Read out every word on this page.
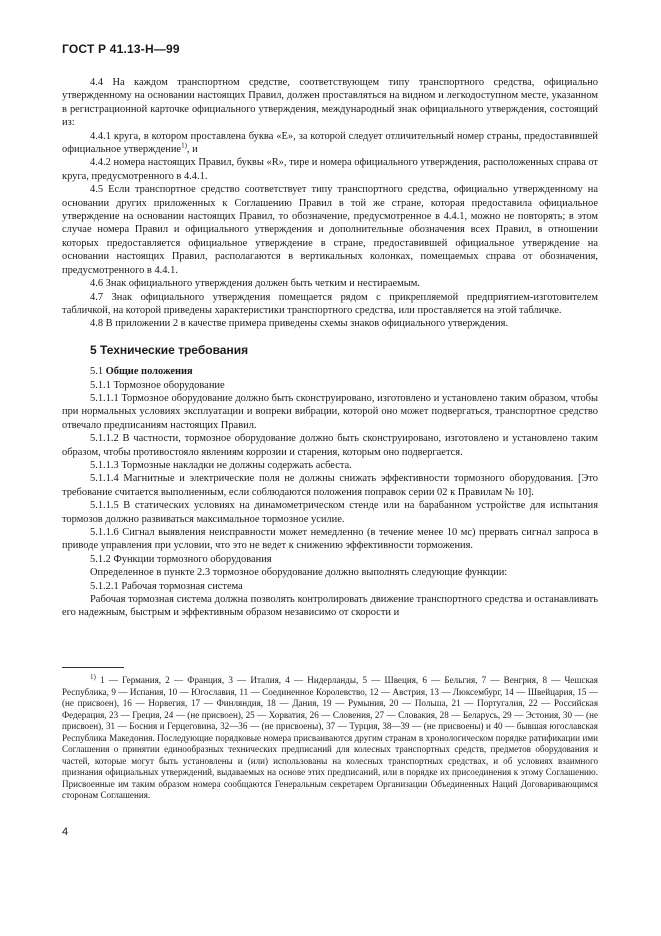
ГОСТ Р 41.13-Н—99

4.4 На каждом транспортном средстве, соответствующем типу транспортного средства, официально утвержденному на основании настоящих Правил, должен проставляться на видном и легкодоступном месте, указанном в регистрационной карточке официального утверждения, международный знак официального утверждения, состоящий из:

4.4.1 круга, в котором проставлена буква «Е», за которой следует отличительный номер страны, предоставившей официальное утверждение$^{1)}$, и

4.4.2 номера настоящих Правил, буквы «R», тире и номера официального утверждения, расположенных справа от круга, предусмотренного в 4.4.1.

4.5 Если транспортное средство соответствует типу транспортного средства, официально утвержденному на основании других приложенных к Соглашению Правил в той же стране, которая предоставила официальное утверждение на основании настоящих Правил, то обозначение, предусмотренное в 4.4.1, можно не повторять; в этом случае номера Правил и официального утверждения и дополнительные обозначения всех Правил, в отношении которых предоставляется официальное утверждение в стране, предоставившей официальное утверждение на основании настоящих Правил, располагаются в вертикальных колонках, помещаемых справа от обозначения, предусмотренного в 4.4.1.

4.6 Знак официального утверждения должен быть четким и нестираемым.

4.7 Знак официального утверждения помещается рядом с прикрепляемой предприятием-изготовителем табличкой, на которой приведены характеристики транспортного средства, или проставляется на этой табличке.

4.8 В приложении 2 в качестве примера приведены схемы знаков официального утверждения.

5 Технические требования

5.1 Общие положения

5.1.1 Тормозное оборудование

5.1.1.1 Тормозное оборудование должно быть сконструировано, изготовлено и установлено таким образом, чтобы при нормальных условиях эксплуатации и вопреки вибрации, которой оно может подвергаться, транспортное средство отвечало предписаниям настоящих Правил.

5.1.1.2 В частности, тормозное оборудование должно быть сконструировано, изготовлено и установлено таким образом, чтобы противостояло явлениям коррозии и старения, которым оно подвергается.

5.1.1.3 Тормозные накладки не должны содержать асбеста.

5.1.1.4 Магнитные и электрические поля не должны снижать эффективности тормозного оборудования. [Это требование считается выполненным, если соблюдаются положения поправок серии 02 к Правилам № 10].

5.1.1.5 В статических условиях на динамометрическом стенде или на барабанном устройстве для испытания тормозов должно развиваться максимальное тормозное усилие.

5.1.1.6 Сигнал выявления неисправности может немедленно (в течение менее 10 мс) прервать сигнал запроса в приводе управления при условии, что это не ведет к снижению эффективности торможения.

5.1.2 Функции тормозного оборудования

Определенное в пункте 2.3 тормозное оборудование должно выполнять следующие функции:

5.1.2.1 Рабочая тормозная система

Рабочая тормозная система должна позволять контролировать движение транспортного средства и останавливать его надежным, быстрым и эффективным образом независимо от скорости и

$^{1)}$ 1 — Германия, 2 — Франция, 3 — Италия, 4 — Нидерланды, 5 — Швеция, 6 — Бельгия, 7 — Венгрия, 8 — Чешская Республика, 9 — Испания, 10 — Югославия, 11 — Соединенное Королевство, 12 — Австрия, 13 — Люксембург, 14 — Швейцария, 15 — (не присвоен), 16 — Норвегия, 17 — Финляндия, 18 — Дания, 19 — Румыния, 20 — Польша, 21 — Португалия, 22 — Российская Федерация, 23 — Греция, 24 — (не присвоен), 25 — Хорватия, 26 — Словения, 27 — Словакия, 28 — Беларусь, 29 — Эстония, 30 — (не присвоен), 31 — Босния и Герцеговина, 32—36 — (не присвоены), 37 — Турция, 38—39 — (не присвоены) и 40 — бывшая югославская Республика Македония. Последующие порядковые номера присваиваются другим странам в хронологическом порядке ратификации ими Соглашения о принятии единообразных технических предписаний для колесных транспортных средств, предметов оборудования и частей, которые могут быть установлены и (или) использованы на колесных транспортных средствах, и об условиях взаимного признания официальных утверждений, выдаваемых на основе этих предписаний, или в порядке их присоединения к этому Соглашению. Присвоенные им таким образом номера сообщаются Генеральным секретарем Организации Объединенных Наций Договаривающимся сторонам Соглашения.

4
